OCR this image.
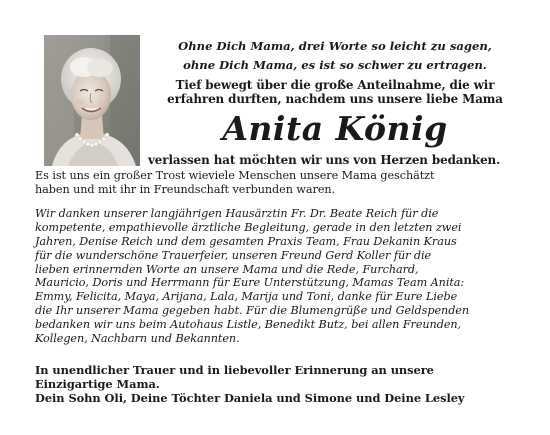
Ohne Dich Mama, drei Worte so leicht zu sagen,
ohne Dich Mama, es ist so schwer zu ertragen.
Tief bewegt über die große Anteilnahme, die wir
erfahren durften, nachdem uns unsere liebe Mama
Anita König
verlassen hat möchten wir uns von Herzen bedanken.
Es ist uns ein großer Trost wieviele Menschen unsere Mama geschätzt
haben und mit ihr in Freundschaft verbunden waren.
Wir danken unserer langjährigen Hausärztin Fr. Dr. Beate Reich für die
kompetente, empathievolle ärztliche Begleitung, gerade in den letzten zwei
Jahren, Denise Reich und dem gesamten Praxis Team, Frau Dekanin Kraus
für die wunderschöne Trauerfeier, unseren Freund Gerd Koller für die
lieben erinnernden Worte an unsere Mama und die Rede, Furchard,
Mauricio, Doris und Herrmann für Eure Unterstützung, Mamas Team Anita:
Emmy, Felicita, Maya, Arijana, Lala, Marija und Toni, danke für Eure Liebe
die Ihr unserer Mama gegeben habt. Für die Blumengrüße und Geldspenden
bedanken wir uns beim Autohaus Listle, Benedikt Butz, bei allen Freunden,
Kollegen, Nachbarn und Bekannten.
In unendlicher Trauer und in liebevoller Erinnerung an unsere
Einzigartige Mama.
Dein Sohn Oli, Deine Töchter Daniela und Simone und Deine Lesley
